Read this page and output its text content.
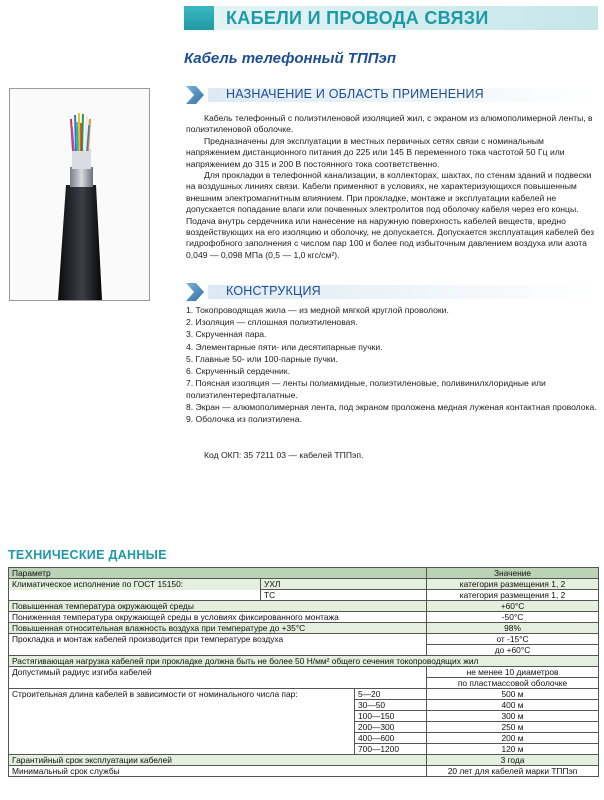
КАБЕЛИ И ПРОВОДА СВЯЗИ
Кабель телефонный ТППэп
НАЗНАЧЕНИЕ И ОБЛАСТЬ ПРИМЕНЕНИЯ

Кабель телефонный с полиэтиленовой изоляцией жил, с экраном из алюмополимерной ленты, в полиэтиленовой оболочке.

Предназначены для эксплуатации в местных первичных сетях связи с номинальным напряжением дистанционного питания до 225 или 145 В переменного тока частотой 50 Гц или напряжением до 315 и 200 В постоянного тока соответственно.

Для прокладки в телефонной канализации, в коллекторах, шахтах, по стенам зданий и подвески на воздушных линиях связи. Кабели применяют в условиях, не характеризующихся повышенным внешним электромагнитным влиянием. При прокладке, монтаже и эксплуатации кабелей не допускается попадание влаги или почвенных электролитов под оболочку кабеля через его концы. Подача внутрь сердечника или нанесение на наружную поверхность кабелей веществ, вредно воздействующих на его изоляцию и оболочку, не допускается. Допускается эксплуатация кабелей без гидрофобного заполнения с числом пар 100 и более под избыточным давлением воздуха или азота 0,049 — 0,098 МПа (0,5 — 1,0 кгс/см²).

КОНСТРУКЦИЯ
1. Токопроводящая жила — из медной мягкой круглой проволоки.
2. Изоляция — сплошная полиэтиленовая.
3. Скрученная пара.
4. Элементарные пяти- или десятипарные пучки.
5. Главные 50- или 100-парные пучки.
6. Скрученный сердечник.
7. Поясная изоляция — ленты полиамидные, полиэтиленовые, поливинилхлоридные или полиэтилентерефталатные.
8. Экран — алюмополимерная лента, под экраном проложена медная луженая контактная проволока.
9. Оболочка из полиэтилена.
Код ОКП: 35 7211 03 — кабелей ТППэп.
ТЕХНИЧЕСКИЕ ДАННЫЕ
Параметр			Значение
Климатическое исполнение по ГОСТ 15150:	УХЛ		категория размещения 1, 2
	ТС		категория размещения 1, 2
Повышенная температура окружающей среды			+60°C
Пониженная температура окружающей среды в условиях фиксированного монтажа			-50°C
Повышенная относительная влажность воздуха при температуре до +35°C			98%
Прокладка и монтаж кабелей производится при температуре воздуха			от -15°C
			до +60°C
Растягивающая нагрузка кабелей при прокладке должна быть не более 50 Н/мм² общего сечения токопроводящих жил			
Допустимый радиус изгиба кабелей			не менее 10 диаметров
			по пластмассовой оболочке
Строительная длина кабелей в зависимости от номинального числа пар:		5—20	500 м
		30—50	400 м
		100—150	300 м
		200—300	250 м
		400—600	200 м
		700—1200	120 м
Гарантийный срок эксплуатации кабелей			3 года
Минимальный срок службы			20 лет для кабелей марки ТППэп
